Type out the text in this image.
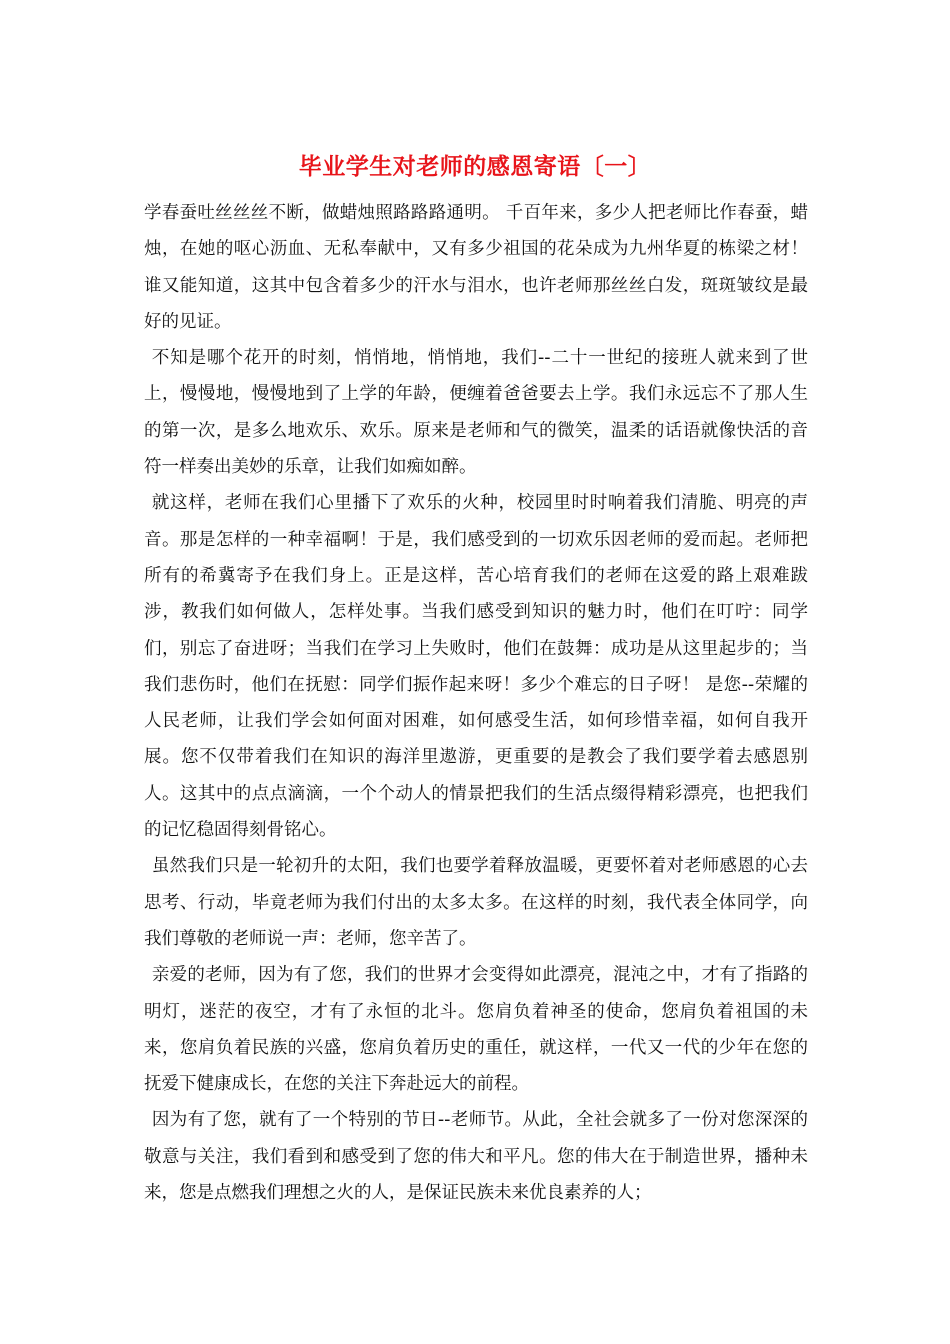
毕业学生对老师的感恩寄语〔一〕

学春蚕吐丝丝丝不断，做蜡烛照路路路通明。 千百年来，多少人把老师比作春蚕，蜡烛，在她的呕心沥血、无私奉献中，又有多少祖国的花朵成为九州华夏的栋梁之材！谁又能知道，这其中包含着多少的汗水与泪水，也许老师那丝丝白发，斑斑皱纹是最好的见证。

不知是哪个花开的时刻，悄悄地，悄悄地，我们--二十一世纪的接班人就来到了世上，慢慢地，慢慢地到了上学的年龄，便缠着爸爸要去上学。我们永远忘不了那人生的第一次，是多么地欢乐、欢乐。原来是老师和气的微笑，温柔的话语就像快活的音符一样奏出美妙的乐章，让我们如痴如醉。

就这样，老师在我们心里播下了欢乐的火种，校园里时时响着我们清脆、明亮的声音。那是怎样的一种幸福啊！于是，我们感受到的一切欢乐因老师的爱而起。老师把所有的希冀寄予在我们身上。正是这样，苦心培育我们的老师在这爱的路上艰难跋涉，教我们如何做人，怎样处事。当我们感受到知识的魅力时，他们在叮咛：同学们，别忘了奋进呀；当我们在学习上失败时，他们在鼓舞：成功是从这里起步的；当我们悲伤时，他们在抚慰：同学们振作起来呀！多少个难忘的日子呀！ 是您--荣耀的人民老师，让我们学会如何面对困难，如何感受生活，如何珍惜幸福，如何自我开展。您不仅带着我们在知识的海洋里遨游，更重要的是教会了我们要学着去感恩别人。这其中的点点滴滴，一个个动人的情景把我们的生活点缀得精彩漂亮，也把我们的记忆稳固得刻骨铭心。

虽然我们只是一轮初升的太阳，我们也要学着释放温暖，更要怀着对老师感恩的心去思考、行动，毕竟老师为我们付出的太多太多。在这样的时刻，我代表全体同学，向我们尊敬的老师说一声：老师，您辛苦了。

亲爱的老师，因为有了您，我们的世界才会变得如此漂亮，混沌之中，才有了指路的明灯，迷茫的夜空，才有了永恒的北斗。您肩负着神圣的使命，您肩负着祖国的未来，您肩负着民族的兴盛，您肩负着历史的重任，就这样，一代又一代的少年在您的抚爱下健康成长，在您的关注下奔赴远大的前程。

因为有了您，就有了一个特别的节日--老师节。从此，全社会就多了一份对您深深的敬意与关注，我们看到和感受到了您的伟大和平凡。您的伟大在于制造世界，播种未来，您是点燃我们理想之火的人，是保证民族未来优良素养的人；
